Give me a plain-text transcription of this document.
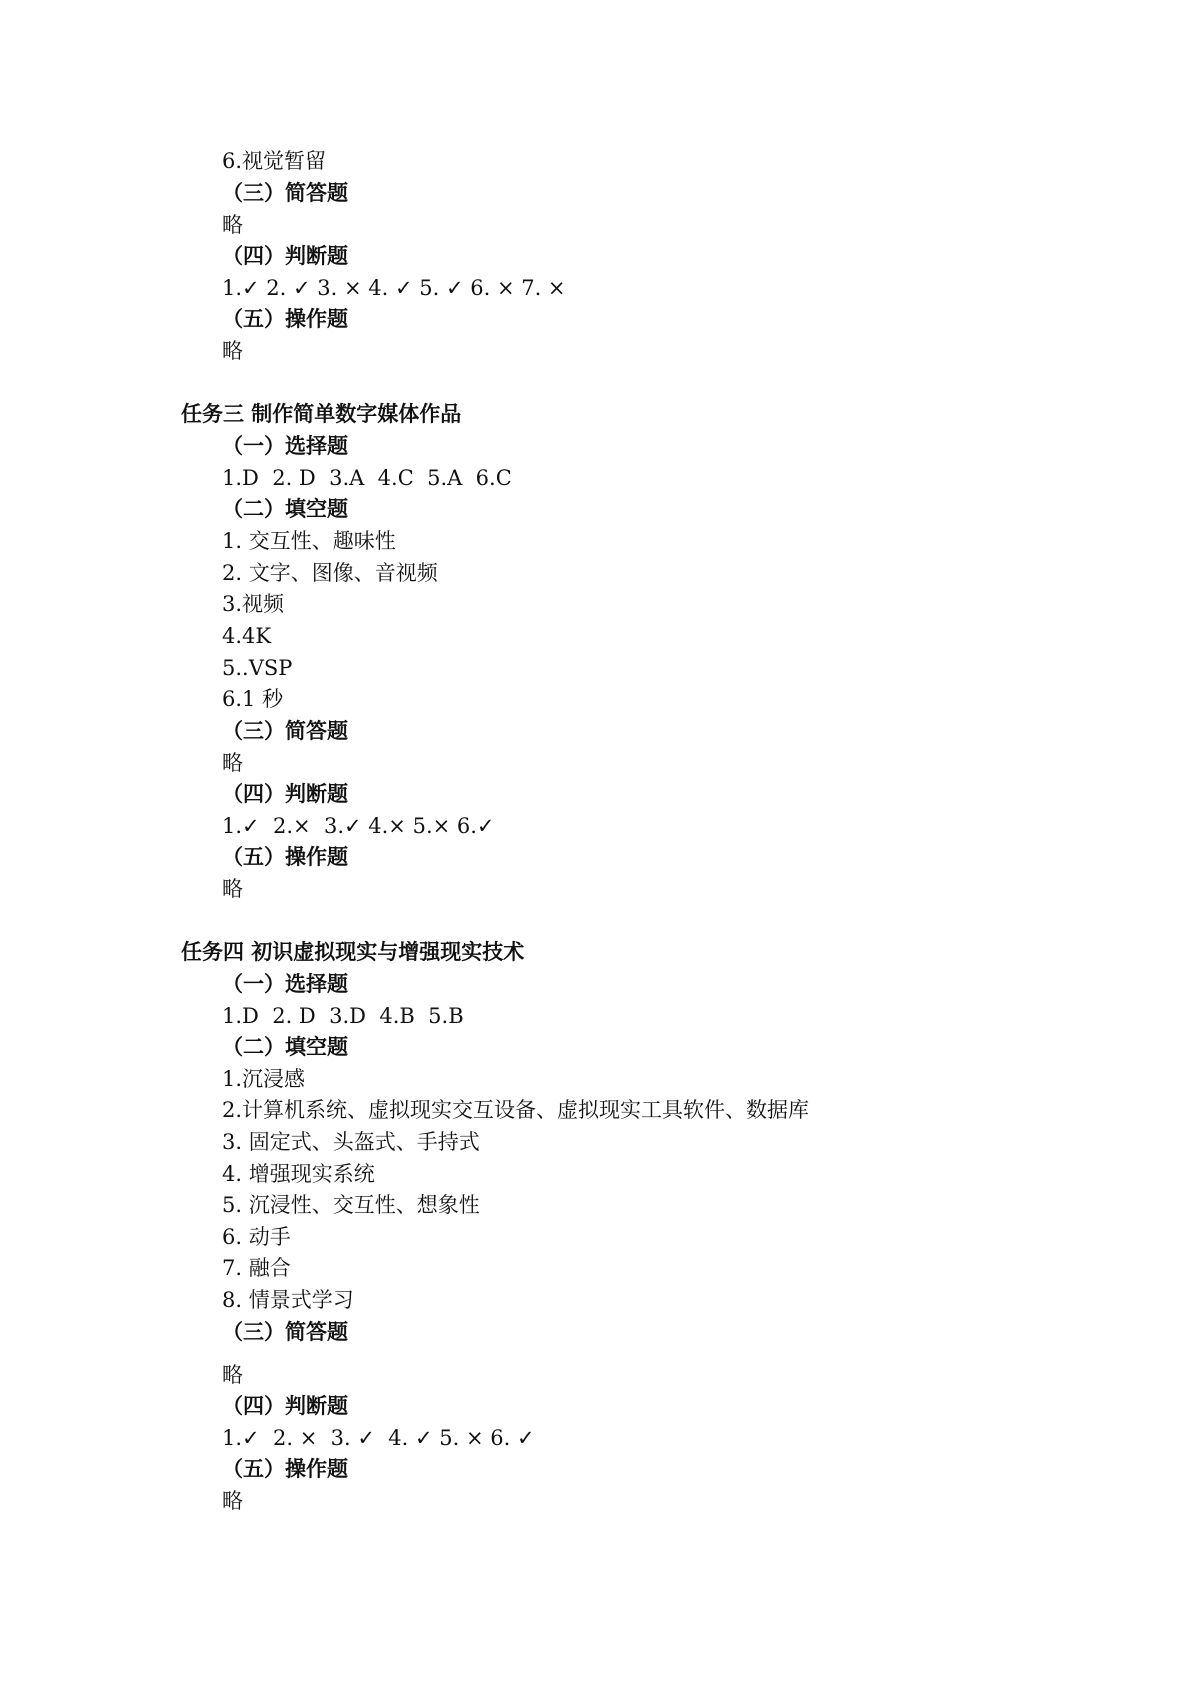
6.视觉暂留
（三）简答题
略
（四）判断题
1.✓ 2. ✓ 3. × 4. ✓ 5. ✓ 6. × 7. ×
（五）操作题
略
任务三 制作简单数字媒体作品
（一）选择题
1.D  2. D  3.A  4.C  5.A  6.C
（二）填空题
1. 交互性、趣味性
2. 文字、图像、音视频
3.视频
4.4K
5..VSP
6.1 秒
（三）简答题
略
（四）判断题
1.✓  2.×  3.✓ 4.× 5.× 6.✓
（五）操作题
略
任务四 初识虚拟现实与增强现实技术
（一）选择题
1.D  2. D  3.D  4.B  5.B
（二）填空题
1.沉浸感
2.计算机系统、虚拟现实交互设备、虚拟现实工具软件、数据库
3. 固定式、头盔式、手持式
4. 增强现实系统
5. 沉浸性、交互性、想象性
6. 动手
7. 融合
8. 情景式学习
（三）简答题
略
（四）判断题
1.✓  2. ×  3. ✓  4. ✓ 5. × 6. ✓
（五）操作题
略
